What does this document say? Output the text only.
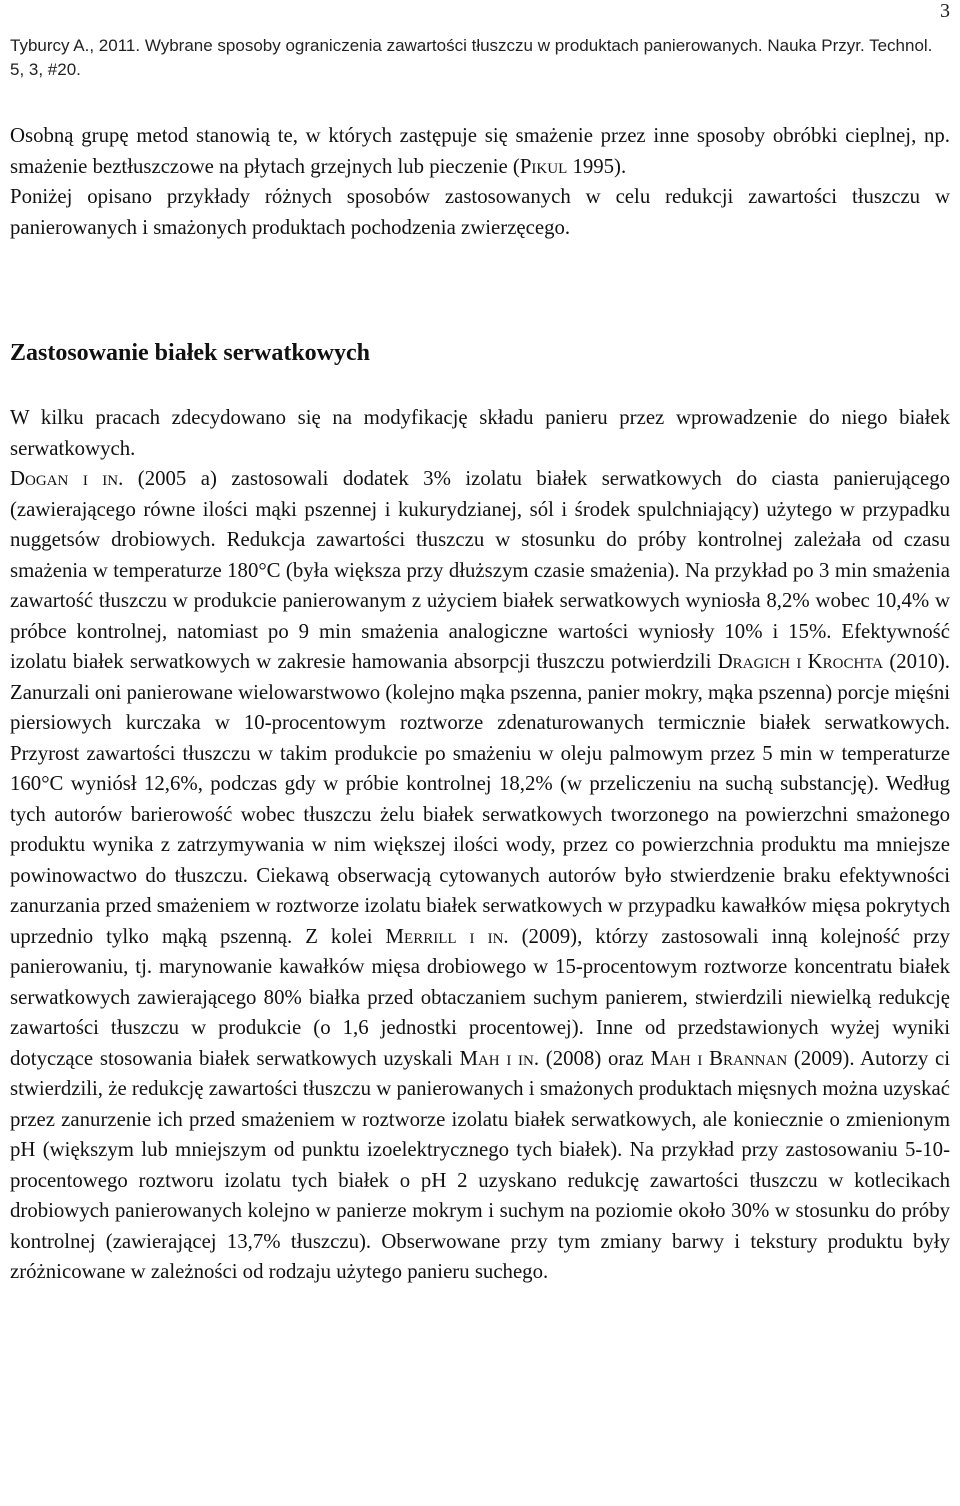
3
Tyburcy A., 2011. Wybrane sposoby ograniczenia zawartości tłuszczu w produktach panierowanych. Nauka Przyr. Technol. 5, 3, #20.

Osobną grupę metod stanowią te, w których zastępuje się smażenie przez inne sposoby obróbki cieplnej, np. smażenie beztłuszczowe na płytach grzejnych lub pieczenie (Pikul 1995).

Poniżej opisano przykłady różnych sposobów zastosowanych w celu redukcji zawartości tłuszczu w panierowanych i smażonych produktach pochodzenia zwierzęcego.

Zastosowanie białek serwatkowych

W kilku pracach zdecydowano się na modyfikację składu panieru przez wprowadzenie do niego białek serwatkowych.

Dogan i in. (2005 a) zastosowali dodatek 3% izolatu białek serwatkowych do ciasta panierującego (zawierającego równe ilości mąki pszennej i kukurydzianej, sól i środek spulchniający) użytego w przypadku nuggetsów drobiowych. Redukcja zawartości tłuszczu w stosunku do próby kontrolnej zależała od czasu smażenia w temperaturze 180°C (była większa przy dłuższym czasie smażenia). Na przykład po 3 min smażenia zawartość tłuszczu w produkcie panierowanym z użyciem białek serwatkowych wyniosła 8,2% wobec 10,4% w próbce kontrolnej, natomiast po 9 min smażenia analogiczne wartości wyniosły 10% i 15%. Efektywność izolatu białek serwatkowych w zakresie hamowania absorpcji tłuszczu potwierdzili Dragich i Krochta (2010). Zanurzali oni panierowane wielowarstwowo (kolejno mąka pszenna, panier mokry, mąka pszenna) porcje mięśni piersiowych kurczaka w 10-procentowym roztworze zdenaturowanych termicznie białek serwatkowych. Przyrost zawartości tłuszczu w takim produkcie po smażeniu w oleju palmowym przez 5 min w temperaturze 160°C wyniósł 12,6%, podczas gdy w próbie kontrolnej 18,2% (w przeliczeniu na suchą substancję). Według tych autorów barierowość wobec tłuszczu żelu białek serwatkowych tworzonego na powierzchni smażonego produktu wynika z zatrzymywania w nim większej ilości wody, przez co powierzchnia produktu ma mniejsze powinowactwo do tłuszczu. Ciekawą obserwacją cytowanych autorów było stwierdzenie braku efektywności zanurzania przed smażeniem w roztworze izolatu białek serwatkowych w przypadku kawałków mięsa pokrytych uprzednio tylko mąką pszenną. Z kolei Merrill i in. (2009), którzy zastosowali inną kolejność przy panierowaniu, tj. marynowanie kawałków mięsa drobiowego w 15-procentowym roztworze koncentratu białek serwatkowych zawierającego 80% białka przed obtaczaniem suchym panierem, stwierdzili niewielką redukcję zawartości tłuszczu w produkcie (o 1,6 jednostki procentowej). Inne od przedstawionych wyżej wyniki dotyczące stosowania białek serwatkowych uzyskali Mah i in. (2008) oraz Mah i Brannan (2009). Autorzy ci stwierdzili, że redukcję zawartości tłuszczu w panierowanych i smażonych produktach mięsnych można uzyskać przez zanurzenie ich przed smażeniem w roztworze izolatu białek serwatkowych, ale koniecznie o zmienionym pH (większym lub mniejszym od punktu izoelektrycznego tych białek). Na przykład przy zastosowaniu 5-10-procentowego roztworu izolatu tych białek o pH 2 uzyskano redukcję zawartości tłuszczu w kotlecikach drobiowych panierowanych kolejno w panierze mokrym i suchym na poziomie około 30% w stosunku do próby kontrolnej (zawierającej 13,7% tłuszczu). Obserwowane przy tym zmiany barwy i tekstury produktu były zróżnicowane w zależności od rodzaju użytego panieru suchego.
